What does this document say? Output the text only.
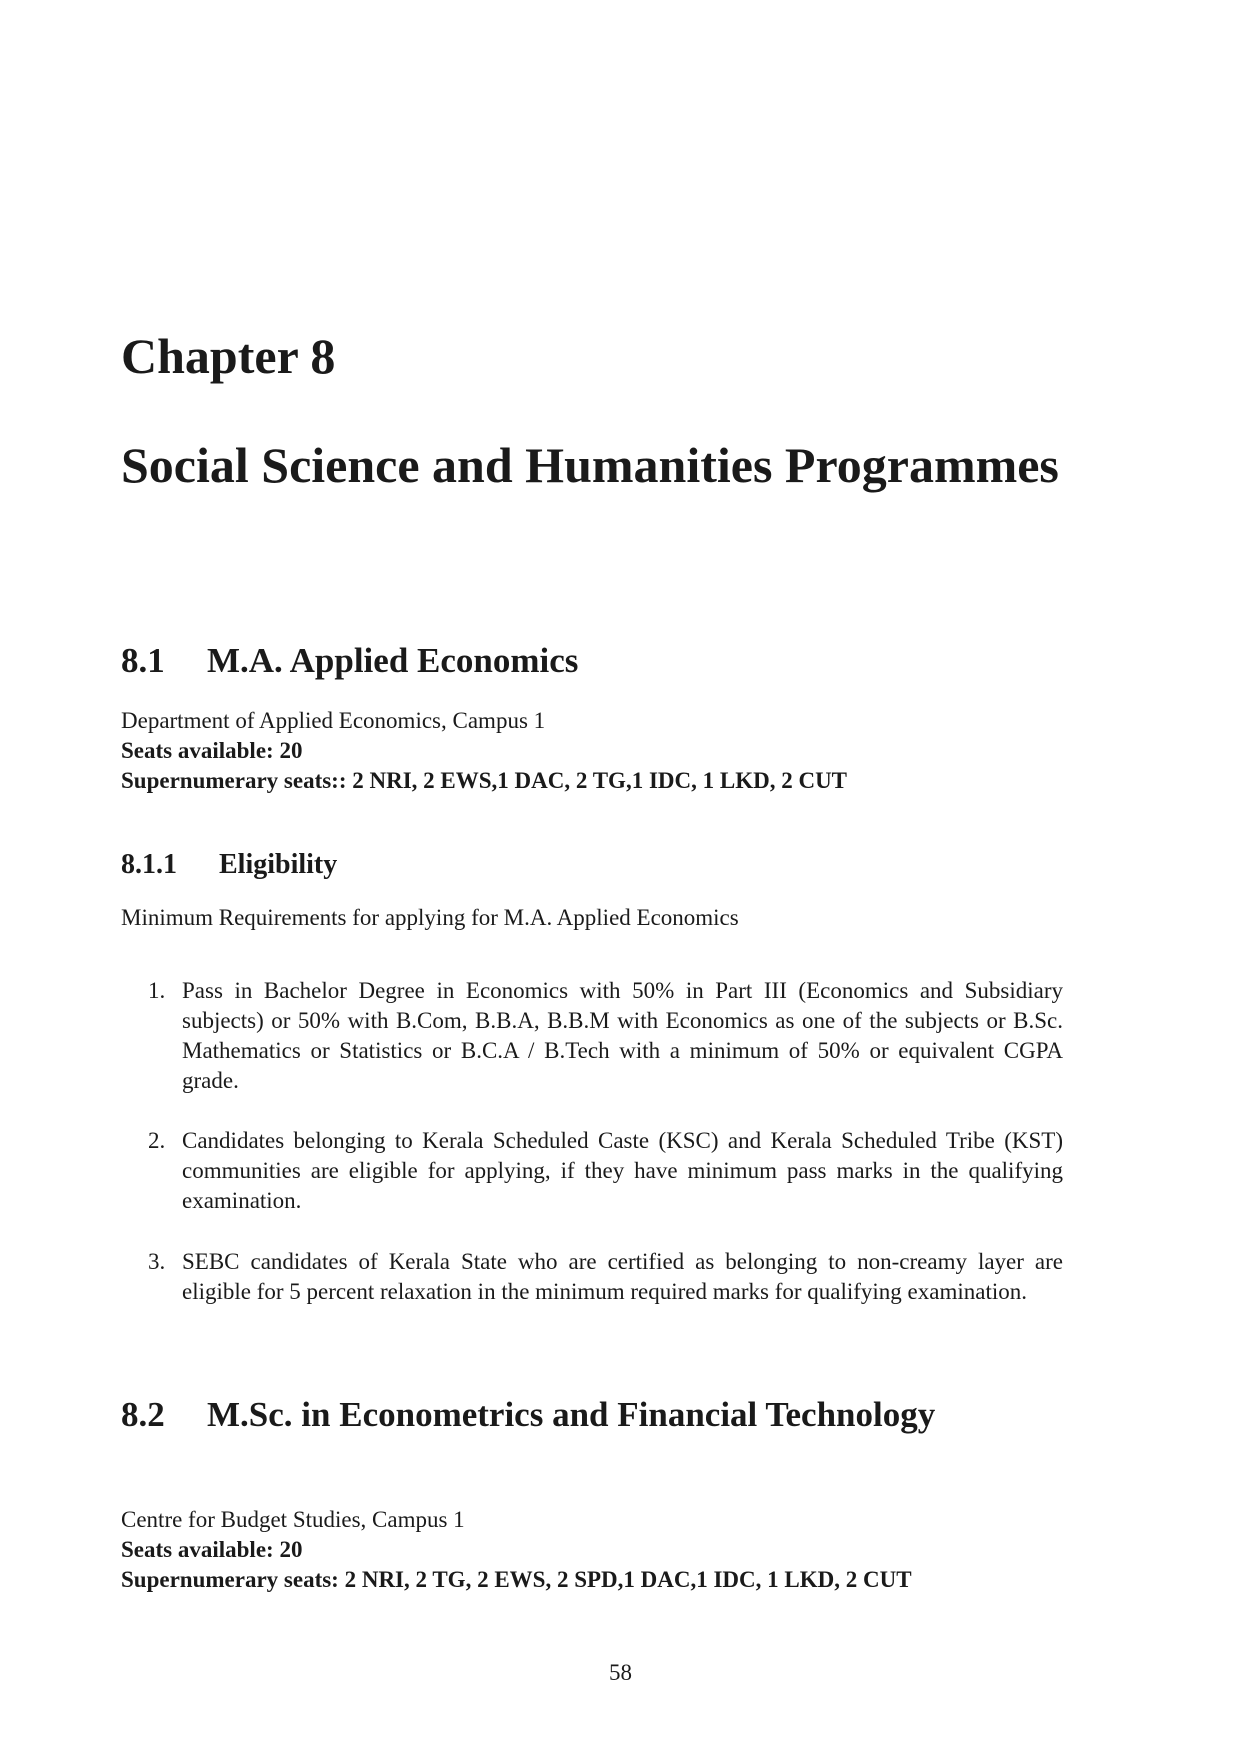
Chapter 8
Social Science and Humanities Programmes
8.1	M.A. Applied Economics
Department of Applied Economics, Campus 1
Seats available: 20
Supernumerary seats:: 2 NRI, 2 EWS,1 DAC, 2 TG,1 IDC, 1 LKD, 2 CUT
8.1.1 Eligibility
Minimum Requirements for applying for M.A. Applied Economics
1. Pass in Bachelor Degree in Economics with 50% in Part III (Economics and Subsidiary subjects) or 50% with B.Com, B.B.A, B.B.M with Economics as one of the subjects or B.Sc. Mathematics or Statistics or B.C.A / B.Tech with a minimum of 50% or equivalent CGPA grade.
2. Candidates belonging to Kerala Scheduled Caste (KSC) and Kerala Scheduled Tribe (KST) communities are eligible for applying, if they have minimum pass marks in the qualifying examination.
3. SEBC candidates of Kerala State who are certified as belonging to non-creamy layer are eligible for 5 percent relaxation in the minimum required marks for qualifying examination.
8.2	M.Sc. in Econometrics and Financial Technology
Centre for Budget Studies, Campus 1
Seats available: 20
Supernumerary seats: 2 NRI, 2 TG, 2 EWS, 2 SPD,1 DAC,1 IDC, 1 LKD, 2 CUT
58
